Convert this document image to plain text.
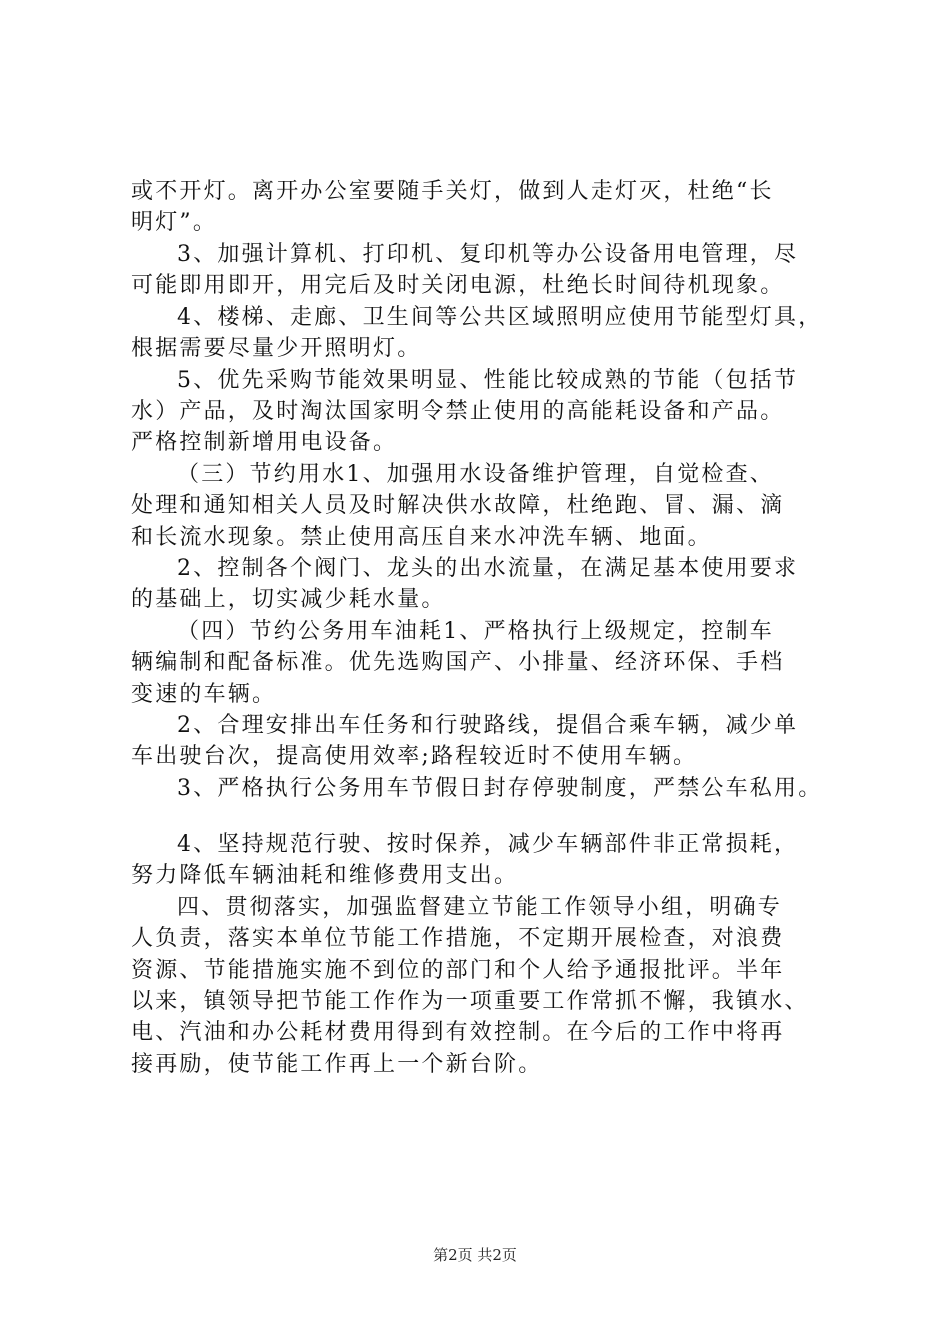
或不开灯。离开办公室要随手关灯，做到人走灯灭，杜绝“长
明灯”。
3、加强计算机、打印机、复印机等办公设备用电管理，尽
可能即用即开，用完后及时关闭电源，杜绝长时间待机现象。
4、楼梯、走廊、卫生间等公共区域照明应使用节能型灯具，
根据需要尽量少开照明灯。
5、优先采购节能效果明显、性能比较成熟的节能（包括节
水）产品，及时淘汰国家明令禁止使用的高能耗设备和产品。
严格控制新增用电设备。
（三）节约用水1、加强用水设备维护管理，自觉检查、
处理和通知相关人员及时解决供水故障，杜绝跑、冒、漏、滴
和长流水现象。禁止使用高压自来水冲洗车辆、地面。
2、控制各个阀门、龙头的出水流量，在满足基本使用要求
的基础上，切实减少耗水量。
（四）节约公务用车油耗1、严格执行上级规定，控制车
辆编制和配备标准。优先选购国产、小排量、经济环保、手档
变速的车辆。
2、合理安排出车任务和行驶路线，提倡合乘车辆，减少单
车出驶台次，提高使用效率;路程较近时不使用车辆。
3、严格执行公务用车节假日封存停驶制度，严禁公车私用。
4、坚持规范行驶、按时保养，减少车辆部件非正常损耗，
努力降低车辆油耗和维修费用支出。
四、贯彻落实，加强监督建立节能工作领导小组，明确专
人负责，落实本单位节能工作措施，不定期开展检查，对浪费
资源、节能措施实施不到位的部门和个人给予通报批评。半年
以来，镇领导把节能工作作为一项重要工作常抓不懈，我镇水、
电、汽油和办公耗材费用得到有效控制。在今后的工作中将再
接再励，使节能工作再上一个新台阶。
第2页 共2页
